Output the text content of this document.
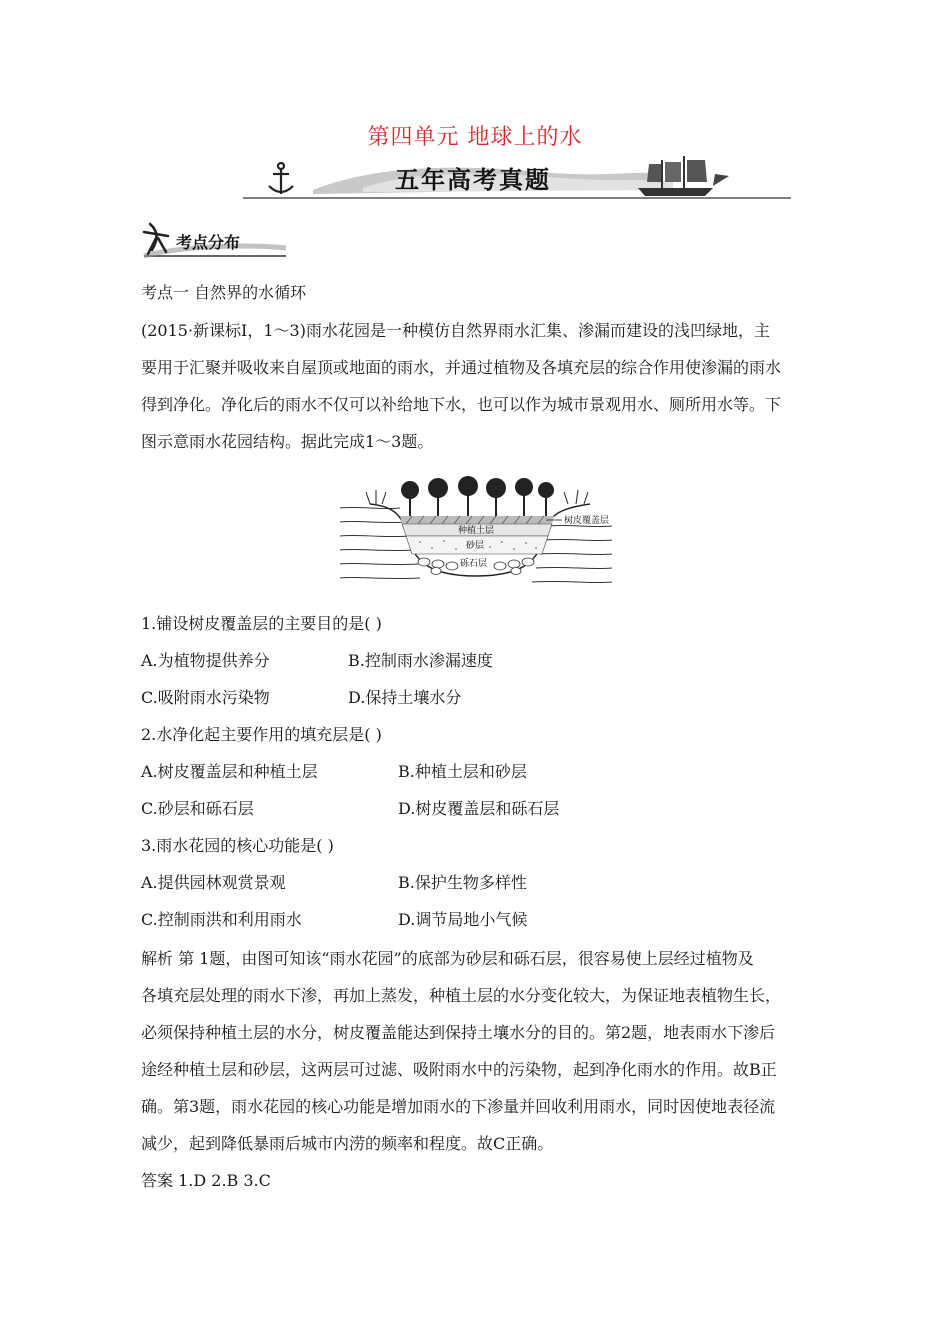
第四单元 地球上的水
五年高考真题
考点分布
考点一 自然界的水循环
(2015·新课标Ⅰ，1～3)雨水花园是一种模仿自然界雨水汇集、渗漏而建设的浅凹绿地，主
要用于汇聚并吸收来自屋顶或地面的雨水，并通过植物及各填充层的综合作用使渗漏的雨水
得到净化。净化后的雨水不仅可以补给地下水，也可以作为城市景观用水、厕所用水等。下
图示意雨水花园结构。据此完成1～3题。
树皮覆盖层
种植土层
砂层
砾石层
1.铺设树皮覆盖层的主要目的是( )
A.为植物提供养分	B.控制雨水渗漏速度
C.吸附雨水污染物	D.保持土壤水分
2.水净化起主要作用的填充层是( )
A.树皮覆盖层和种植土层	B.种植土层和砂层
C.砂层和砾石层	D.树皮覆盖层和砾石层
3.雨水花园的核心功能是( )
A.提供园林观赏景观	B.保护生物多样性
C.控制雨洪和利用雨水	D.调节局地小气候
解析 第 1题，由图可知该“雨水花园”的底部为砂层和砾石层，很容易使上层经过植物及
各填充层处理的雨水下渗，再加上蒸发，种植土层的水分变化较大，为保证地表植物生长，
必须保持种植土层的水分，树皮覆盖能达到保持土壤水分的目的。第2题，地表雨水下渗后
途经种植土层和砂层，这两层可过滤、吸附雨水中的污染物，起到净化雨水的作用。故B正
确。第3题，雨水花园的核心功能是增加雨水的下渗量并回收利用雨水，同时因使地表径流
减少，起到降低暴雨后城市内涝的频率和程度。故C正确。
答案 1.D 2.B 3.C
